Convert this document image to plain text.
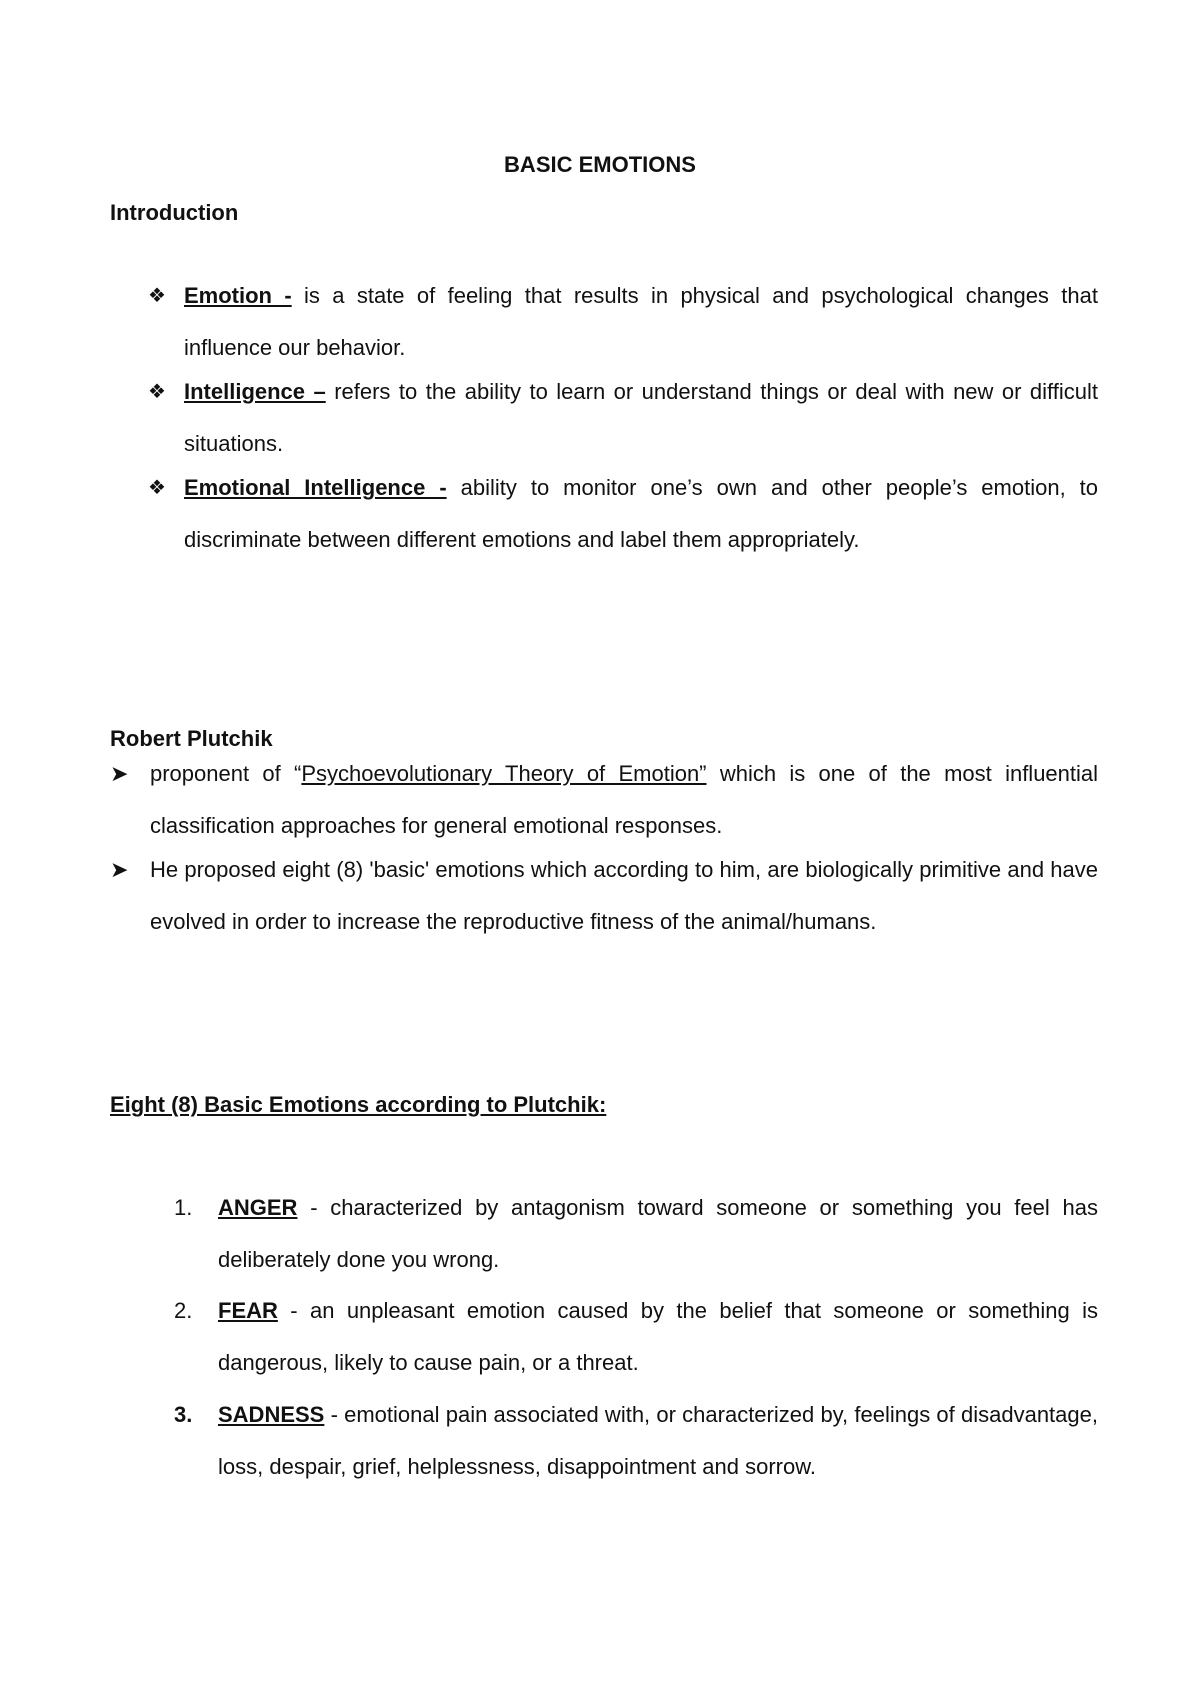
BASIC EMOTIONS
Introduction
❖ Emotion - is a state of feeling that results in physical and psychological changes that influence our behavior.
❖ Intelligence – refers to the ability to learn or understand things or deal with new or difficult situations.
❖ Emotional Intelligence - ability to monitor one’s own and other people’s emotion, to discriminate between different emotions and label them appropriately.
Robert Plutchik
➤ proponent of “Psychoevolutionary Theory of Emotion” which is one of the most influential classification approaches for general emotional responses.
➤ He proposed eight (8) 'basic' emotions which according to him, are biologically primitive and have evolved in order to increase the reproductive fitness of the animal/humans.
Eight (8) Basic Emotions according to Plutchik:
1.	ANGER - characterized by antagonism toward someone or something you feel has deliberately done you wrong.
2.	FEAR - an unpleasant emotion caused by the belief that someone or something is dangerous, likely to cause pain, or a threat.
3.	SADNESS - emotional pain associated with, or characterized by, feelings of disadvantage, loss, despair, grief, helplessness, disappointment and sorrow.
